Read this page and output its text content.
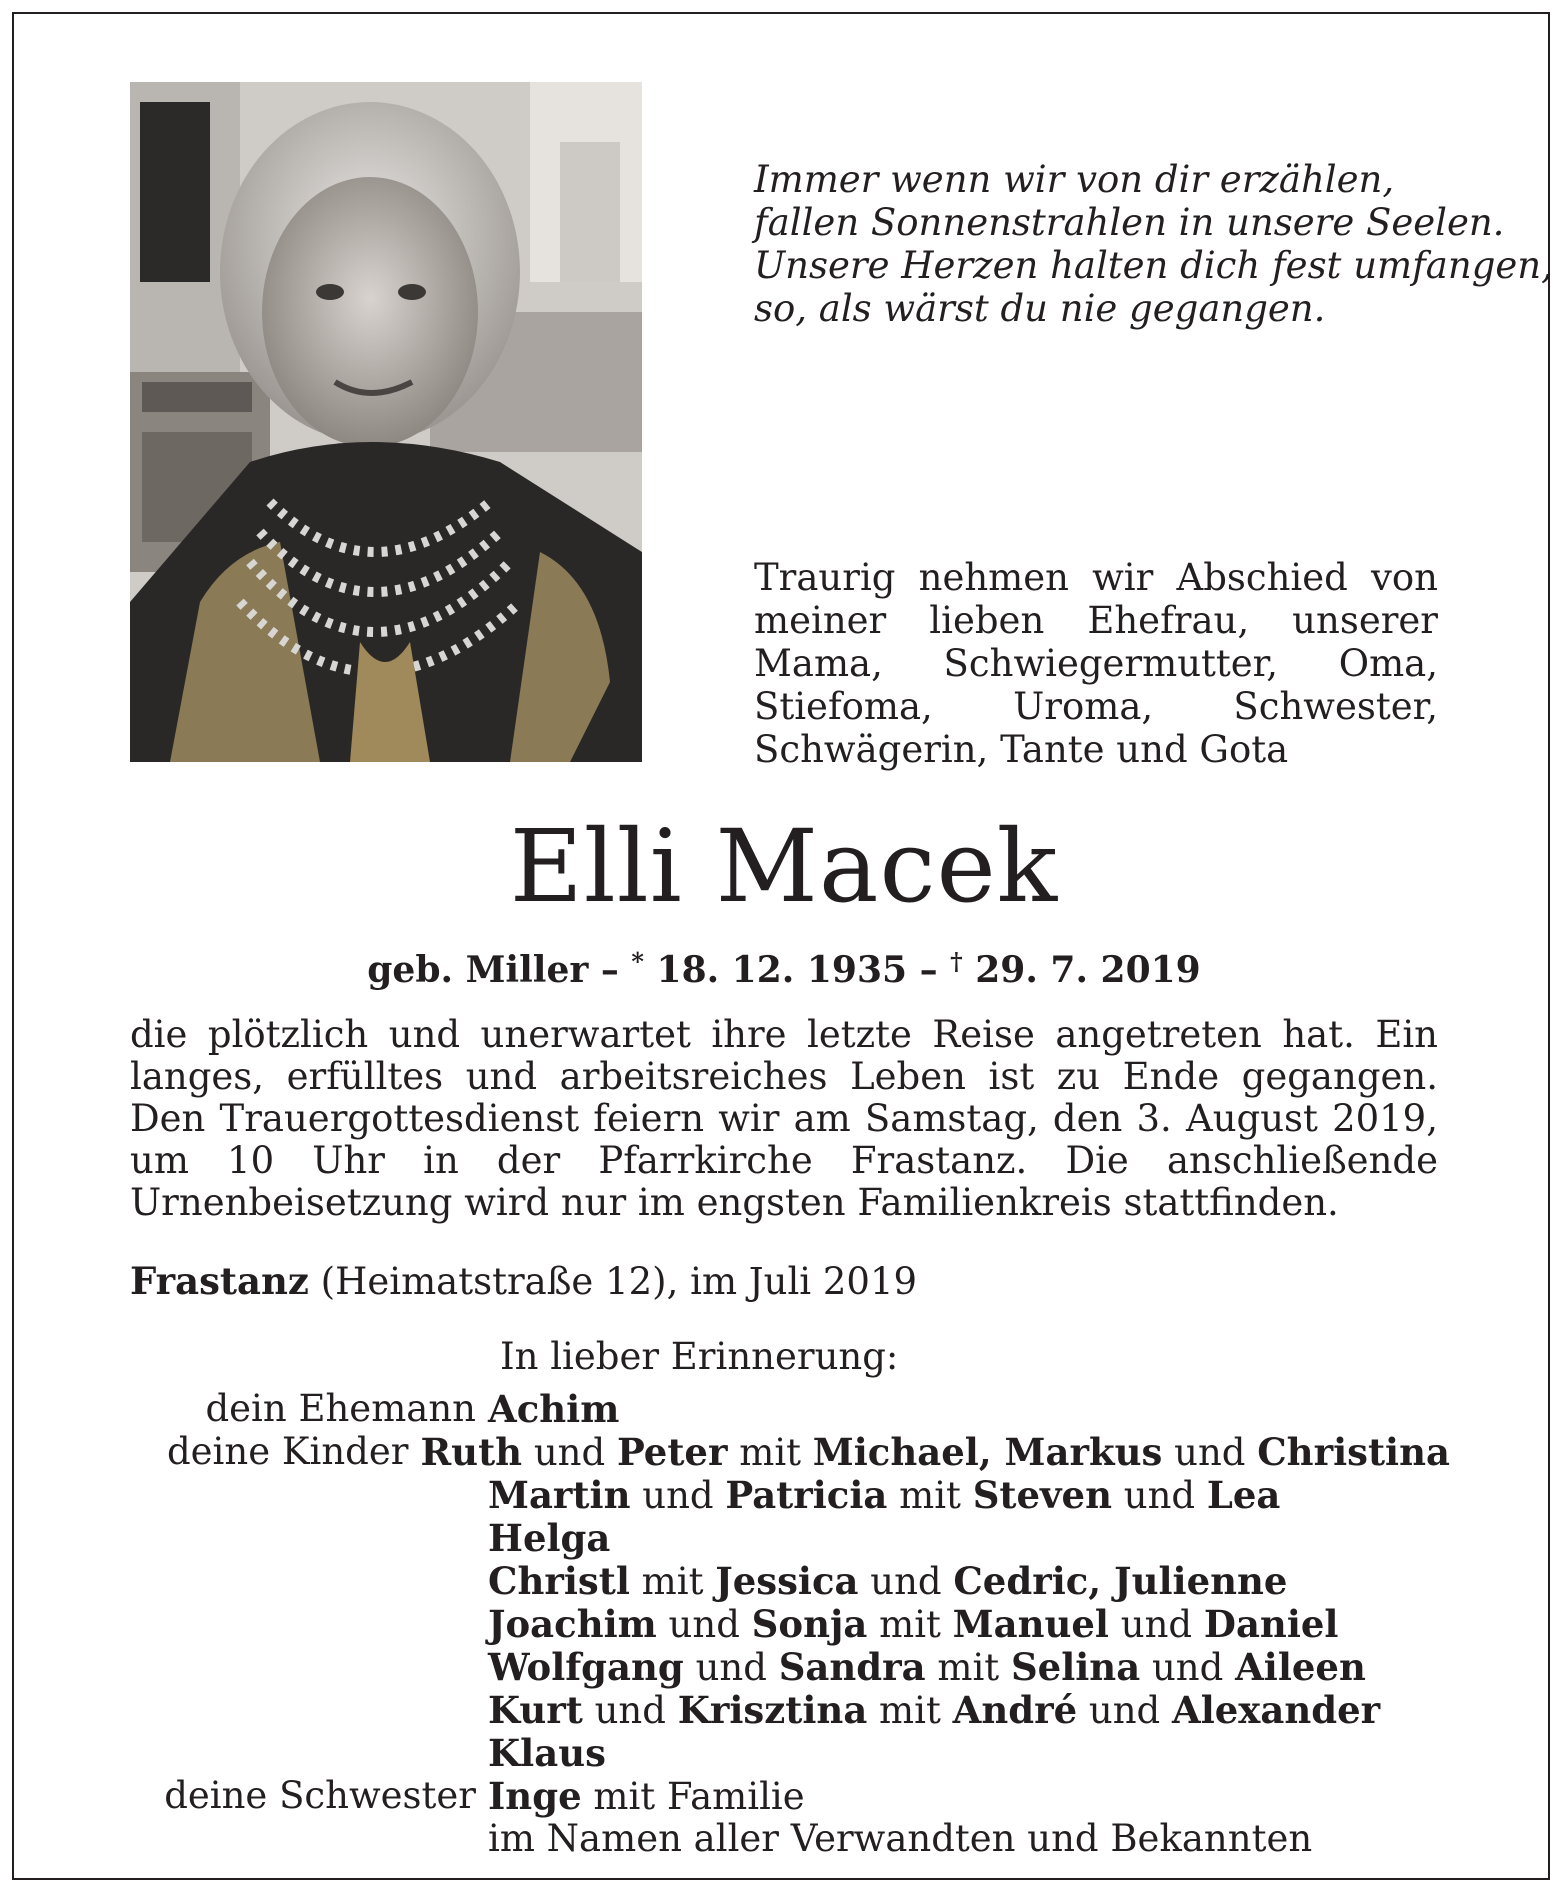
Immer wenn wir von dir erzählen,
fallen Sonnenstrahlen in unsere Seelen.
Unsere Herzen halten dich fest umfangen,
so, als wärst du nie gegangen.
Traurig nehmen wir Abschied von meiner lieben Ehefrau, unserer Mama, Schwiegermutter, Oma, Stiefoma, Uroma, Schwester, Schwägerin, Tante und Gota
Elli Macek
geb. Miller – * 18. 12. 1935 – † 29. 7. 2019
die plötzlich und unerwartet ihre letzte Reise angetreten hat. Ein langes, erfülltes und arbeitsreiches Leben ist zu Ende gegangen. Den Trauergottesdienst feiern wir am Samstag, den 3. August 2019, um 10 Uhr in der Pfarrkirche Frastanz. Die anschließende Urnenbeisetzung wird nur im engsten Familienkreis stattfinden.
Frastanz (Heimatstraße 12), im Juli 2019
In lieber Erinnerung:
dein Ehemann Achim
deine Kinder Ruth und Peter mit Michael, Markus und Christina
Martin und Patricia mit Steven und Lea
Helga
Christl mit Jessica und Cedric, Julienne
Joachim und Sonja mit Manuel und Daniel
Wolfgang und Sandra mit Selina und Aileen
Kurt und Krisztina mit André und Alexander
Klaus
deine Schwester Inge mit Familie
im Namen aller Verwandten und Bekannten
